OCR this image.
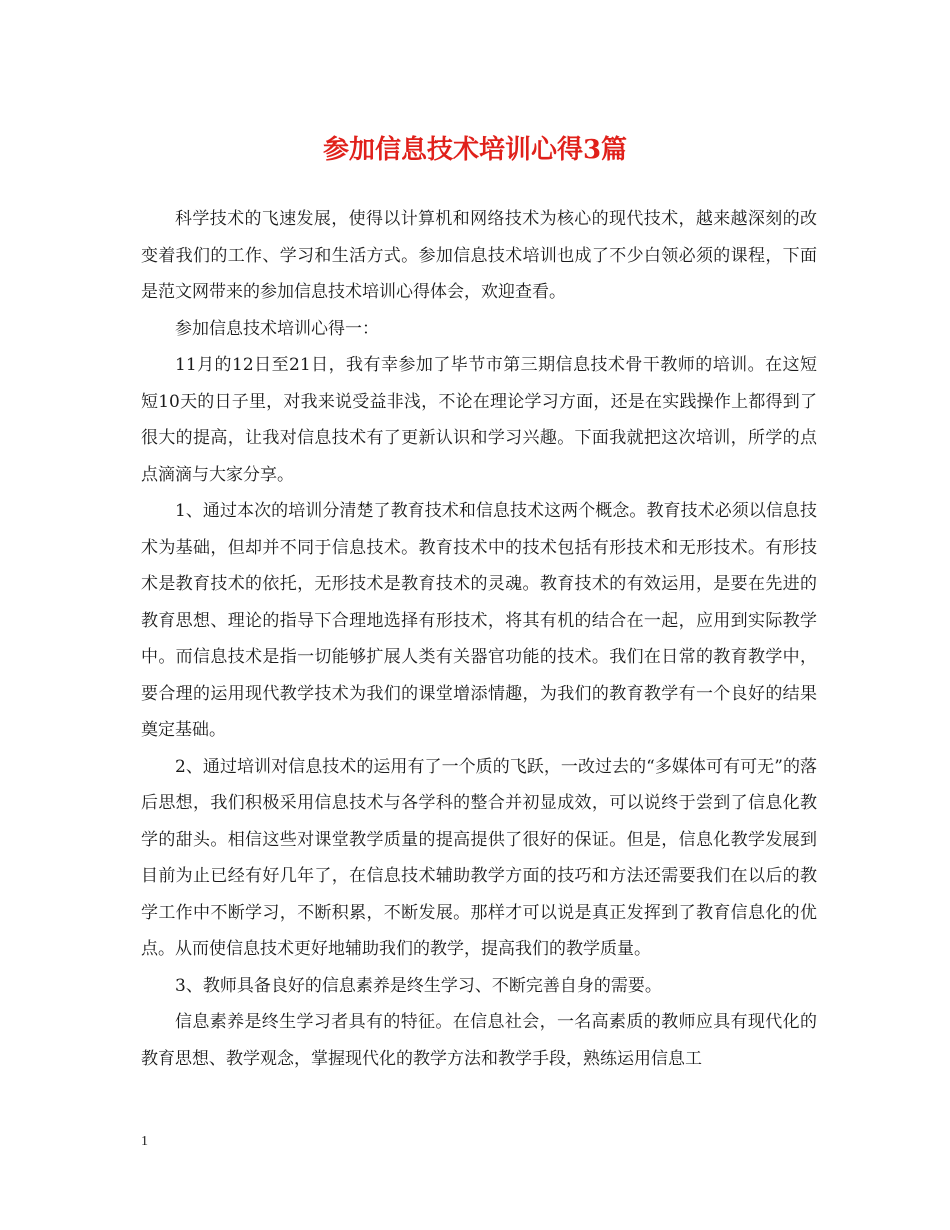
参加信息技术培训心得3篇

科学技术的飞速发展，使得以计算机和网络技术为核心的现代技术，越来越深刻的改变着我们的工作、学习和生活方式。参加信息技术培训也成了不少白领必须的课程，下面是范文网带来的参加信息技术培训心得体会，欢迎查看。

参加信息技术培训心得一：

11月的12日至21日，我有幸参加了毕节市第三期信息技术骨干教师的培训。在这短短10天的日子里，对我来说受益非浅，不论在理论学习方面，还是在实践操作上都得到了很大的提高，让我对信息技术有了更新认识和学习兴趣。下面我就把这次培训，所学的点点滴滴与大家分享。

1、通过本次的培训分清楚了教育技术和信息技术这两个概念。教育技术必须以信息技术为基础，但却并不同于信息技术。教育技术中的技术包括有形技术和无形技术。有形技术是教育技术的依托，无形技术是教育技术的灵魂。教育技术的有效运用，是要在先进的教育思想、理论的指导下合理地选择有形技术，将其有机的结合在一起，应用到实际教学中。而信息技术是指一切能够扩展人类有关器官功能的技术。我们在日常的教育教学中，要合理的运用现代教学技术为我们的课堂增添情趣，为我们的教育教学有一个良好的结果奠定基础。

2、通过培训对信息技术的运用有了一个质的飞跃，一改过去的“多媒体可有可无”的落后思想，我们积极采用信息技术与各学科的整合并初显成效，可以说终于尝到了信息化教学的甜头。相信这些对课堂教学质量的提高提供了很好的保证。但是，信息化教学发展到目前为止已经有好几年了，在信息技术辅助教学方面的技巧和方法还需要我们在以后的教学工作中不断学习，不断积累，不断发展。那样才可以说是真正发挥到了教育信息化的优点。从而使信息技术更好地辅助我们的教学，提高我们的教学质量。

3、教师具备良好的信息素养是终生学习、不断完善自身的需要。

信息素养是终生学习者具有的特征。在信息社会，一名高素质的教师应具有现代化的教育思想、教学观念，掌握现代化的教学方法和教学手段，熟练运用信息工

1
